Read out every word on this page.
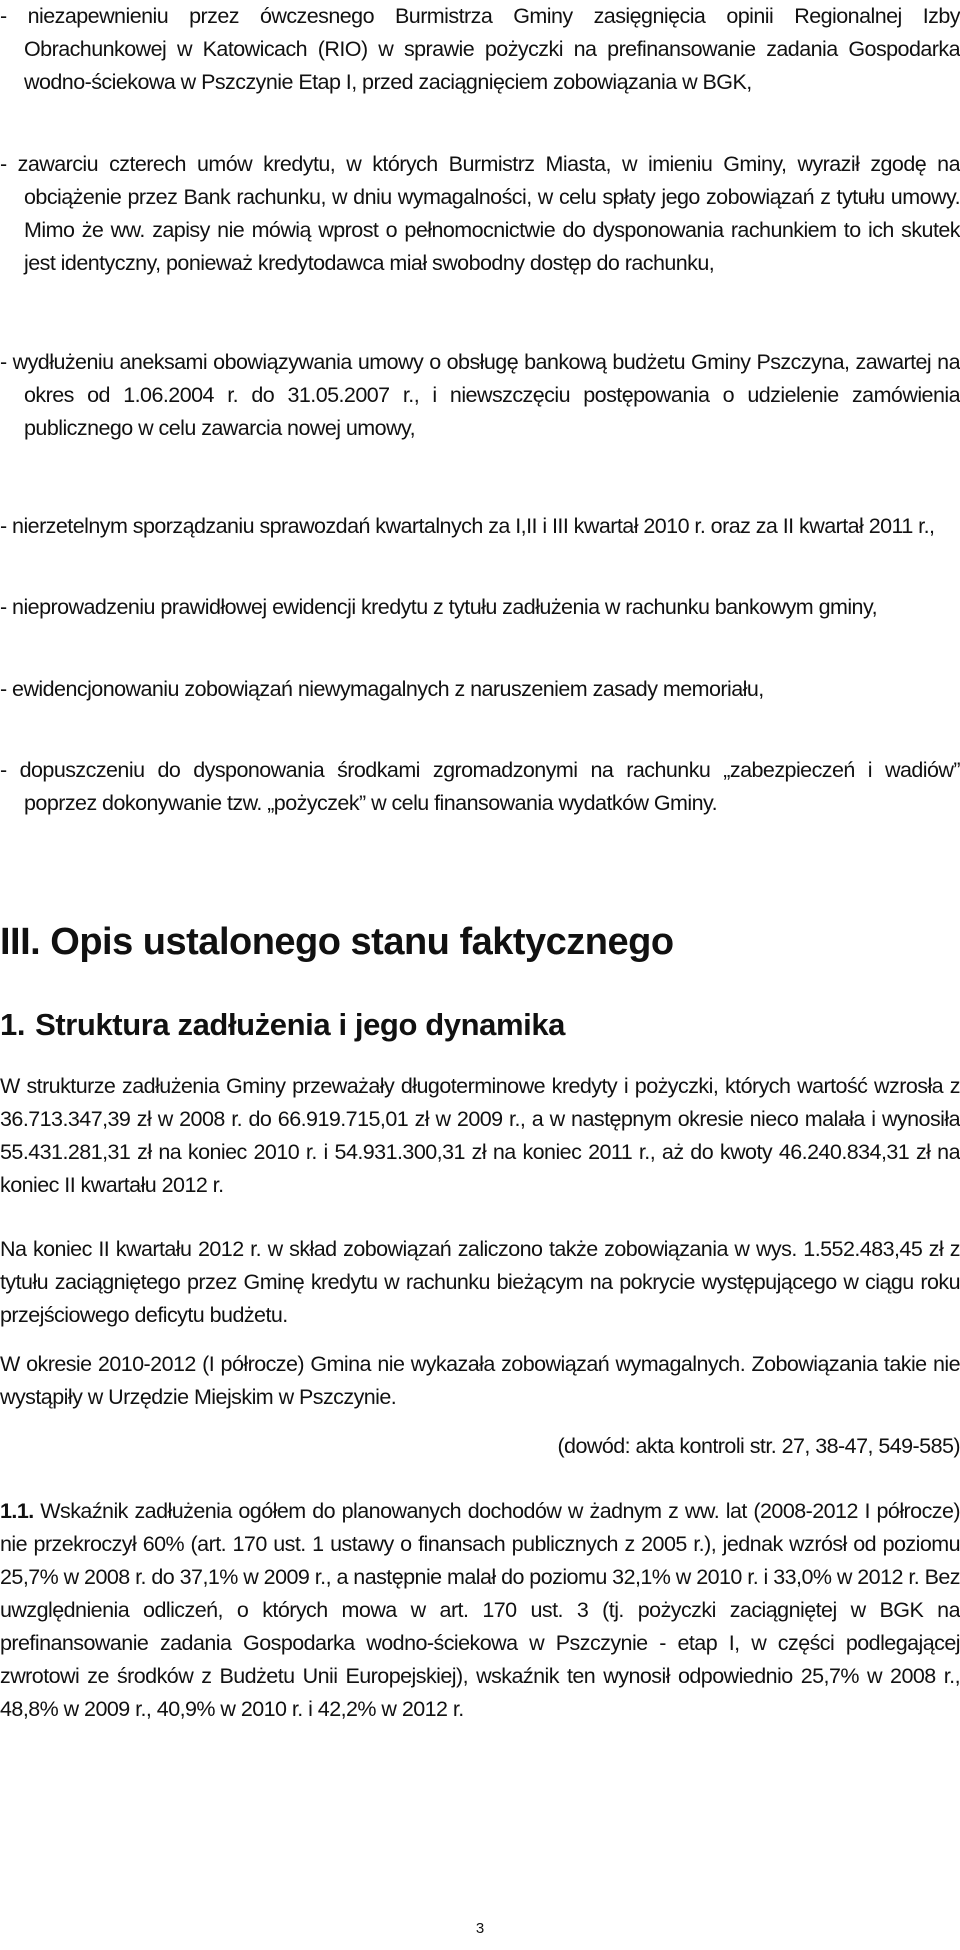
- niezapewnieniu przez ówczesnego Burmistrza Gminy zasięgnięcia opinii Regionalnej Izby Obrachunkowej w Katowicach (RIO) w sprawie pożyczki na prefinansowanie zadania Gospodarka wodno-ściekowa w Pszczynie Etap I, przed zaciągnięciem zobowiązania w BGK,
- zawarciu czterech umów kredytu, w których Burmistrz Miasta, w imieniu Gminy, wyraził zgodę na obciążenie przez Bank rachunku, w dniu wymagalności, w celu spłaty jego zobowiązań z tytułu umowy. Mimo że ww. zapisy nie mówią wprost o pełnomocnictwie do dysponowania rachunkiem to ich skutek jest identyczny, ponieważ kredytodawca miał swobodny dostęp do rachunku,
- wydłużeniu aneksami obowiązywania umowy o obsługę bankową budżetu Gminy Pszczyna, zawartej na okres od 1.06.2004 r. do 31.05.2007 r., i niewszczęciu postępowania o udzielenie zamówienia publicznego w celu zawarcia nowej umowy,
- nierzetelnym sporządzaniu sprawozdań kwartalnych za I,II i III kwartał 2010 r. oraz za II kwartał 2011 r.,
- nieprowadzeniu prawidłowej ewidencji kredytu z tytułu zadłużenia w rachunku bankowym gminy,
- ewidencjonowaniu zobowiązań niewymagalnych z naruszeniem zasady memoriału,
- dopuszczeniu do dysponowania środkami zgromadzonymi na rachunku „zabezpieczeń i wadiów” poprzez dokonywanie tzw. „pożyczek” w celu finansowania wydatków Gminy.
III. Opis ustalonego stanu faktycznego
1. Struktura zadłużenia i jego dynamika
W strukturze zadłużenia Gminy przeważały długoterminowe kredyty i pożyczki, których wartość wzrosła z 36.713.347,39 zł w 2008 r. do 66.919.715,01 zł w 2009 r., a w następnym okresie nieco malała i wynosiła 55.431.281,31 zł na koniec 2010 r. i 54.931.300,31 zł na koniec 2011 r., aż do kwoty 46.240.834,31 zł na koniec II kwartału 2012 r.
Na koniec II kwartału 2012 r. w skład zobowiązań zaliczono także zobowiązania w wys. 1.552.483,45 zł z tytułu zaciągniętego przez Gminę kredytu w rachunku bieżącym na pokrycie występującego w ciągu roku przejściowego deficytu budżetu.
W okresie 2010-2012 (I półrocze) Gmina nie wykazała zobowiązań wymagalnych. Zobowiązania takie nie wystąpiły w Urzędzie Miejskim w Pszczynie.
(dowód: akta kontroli str. 27, 38-47, 549-585)
1.1. Wskaźnik zadłużenia ogółem do planowanych dochodów w żadnym z ww. lat (2008-2012 I półrocze) nie przekroczył 60% (art. 170 ust. 1 ustawy o finansach publicznych z 2005 r.), jednak wzrósł od poziomu 25,7% w 2008 r. do 37,1% w 2009 r., a następnie malał do poziomu 32,1% w 2010 r. i 33,0% w 2012 r. Bez uwzględnienia odliczeń, o których mowa w art. 170 ust. 3 (tj. pożyczki zaciągniętej w BGK na prefinansowanie zadania Gospodarka wodno-ściekowa w Pszczynie - etap I, w części podlegającej zwrotowi ze środków z Budżetu Unii Europejskiej), wskaźnik ten wynosił odpowiednio 25,7% w 2008 r., 48,8% w 2009 r., 40,9% w 2010 r. i 42,2% w 2012 r.
3
